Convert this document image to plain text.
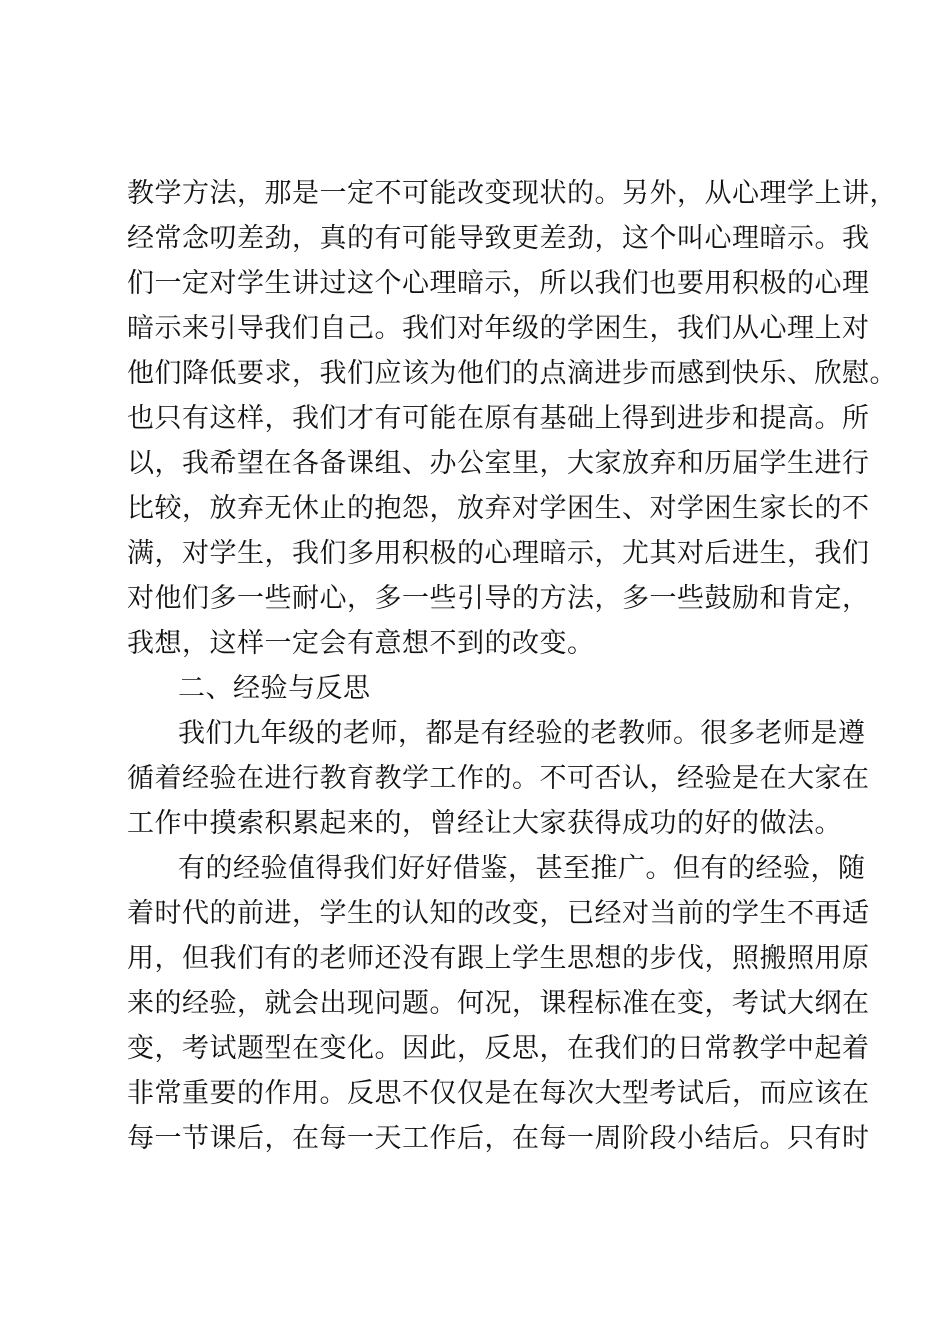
教学方法，那是一定不可能改变现状的。另外，从心理学上讲，
经常念叨差劲，真的有可能导致更差劲，这个叫心理暗示。我
们一定对学生讲过这个心理暗示，所以我们也要用积极的心理
暗示来引导我们自己。我们对年级的学困生，我们从心理上对
他们降低要求，我们应该为他们的点滴进步而感到快乐、欣慰。
也只有这样，我们才有可能在原有基础上得到进步和提高。所
以，我希望在各备课组、办公室里，大家放弃和历届学生进行
比较，放弃无休止的抱怨，放弃对学困生、对学困生家长的不
满，对学生，我们多用积极的心理暗示，尤其对后进生，我们
对他们多一些耐心，多一些引导的方法，多一些鼓励和肯定，
我想，这样一定会有意想不到的改变。
二、经验与反思
我们九年级的老师，都是有经验的老教师。很多老师是遵
循着经验在进行教育教学工作的。不可否认，经验是在大家在
工作中摸索积累起来的，曾经让大家获得成功的好的做法。
有的经验值得我们好好借鉴，甚至推广。但有的经验，随
着时代的前进，学生的认知的改变，已经对当前的学生不再适
用，但我们有的老师还没有跟上学生思想的步伐，照搬照用原
来的经验，就会出现问题。何况，课程标准在变，考试大纲在
变，考试题型在变化。因此，反思，在我们的日常教学中起着
非常重要的作用。反思不仅仅是在每次大型考试后，而应该在
每一节课后，在每一天工作后，在每一周阶段小结后。只有时
